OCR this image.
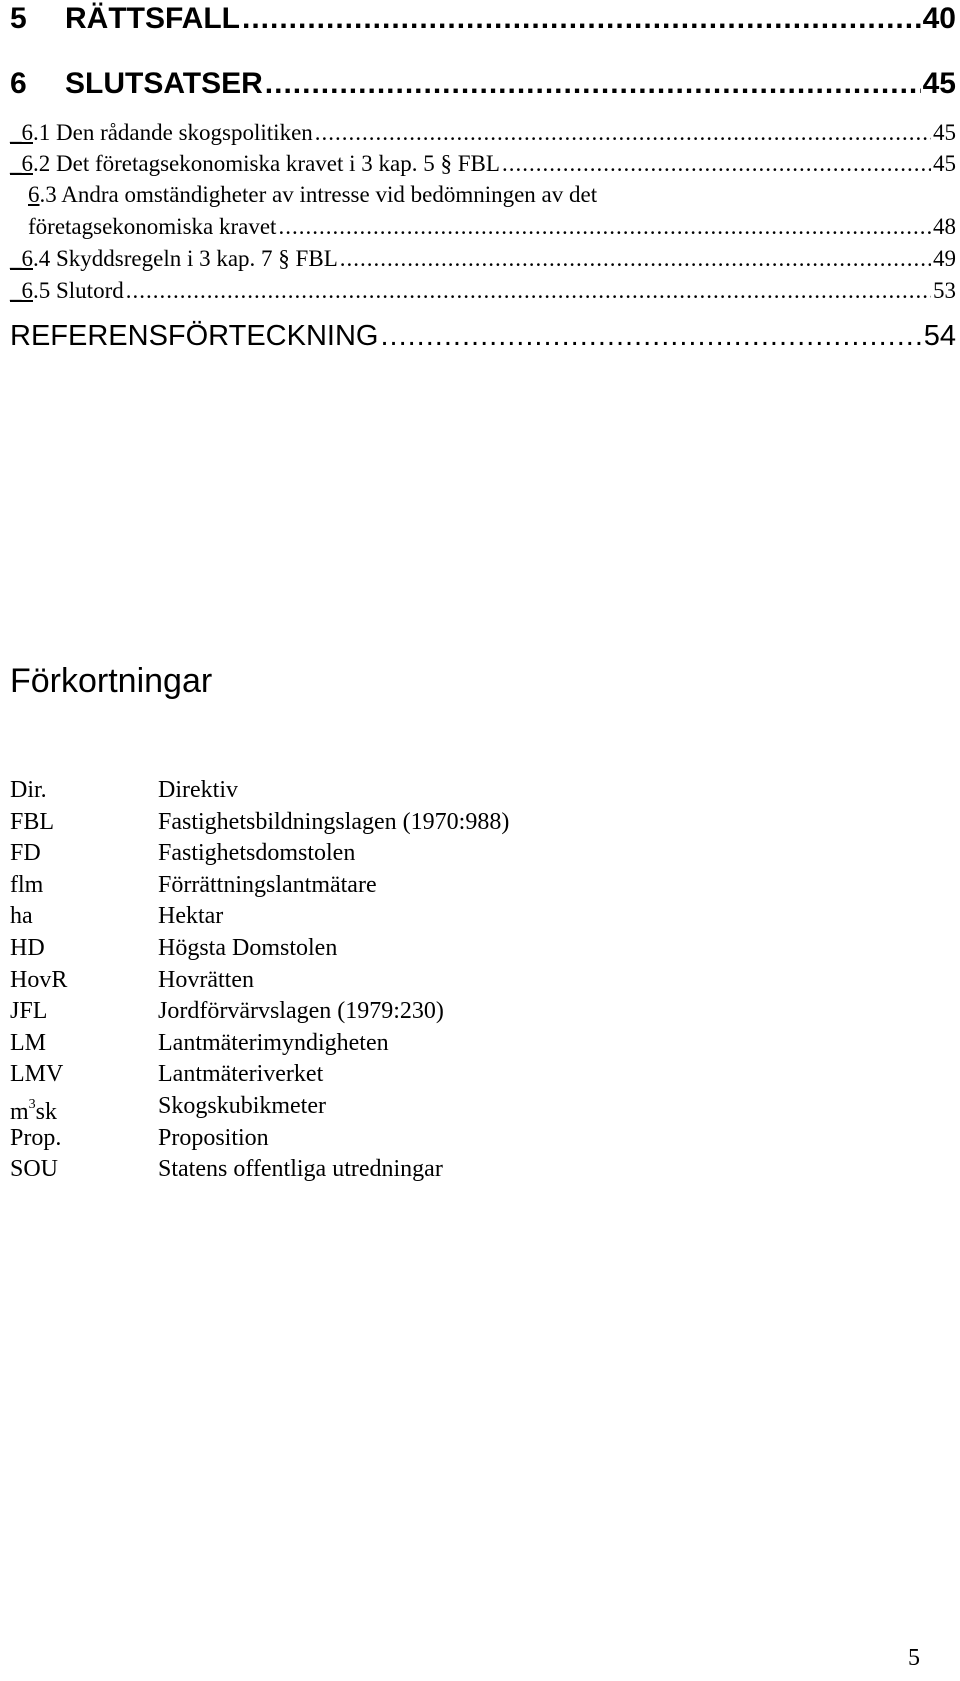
5	RÄTTSFALL .....	40
6	SLUTSATSER .....	45
_ 6 .1 Den rådande skogspolitiken .....	45
_ 6 .2 Det företagsekonomiska kravet i 3 kap. 5 § FBL .....	45
6.3 Andra omständigheter av intresse vid bedömningen av det
företagsekonomiska kravet .....	48
_ 6 .4 Skyddsregeln i 3 kap. 7 § FBL .....	49
_ 6 .5 Slutord .....	53
REFERENSFÖRTECKNING .....	54
Förkortningar
Dir.	Direktiv
FBL	Fastighetsbildningslagen (1970:988)
FD	Fastighetsdomstolen
flm	Förrättningslantmätare
ha	Hektar
HD	Högsta Domstolen
HovR	Hovrätten
JFL	Jordförvärvslagen (1979:230)
LM	Lantmäterimyndigheten
LMV	Lantmäteriverket
$m^3sk$	Skogskubikmeter
Prop.	Proposition
SOU	Statens offentliga utredningar
5
